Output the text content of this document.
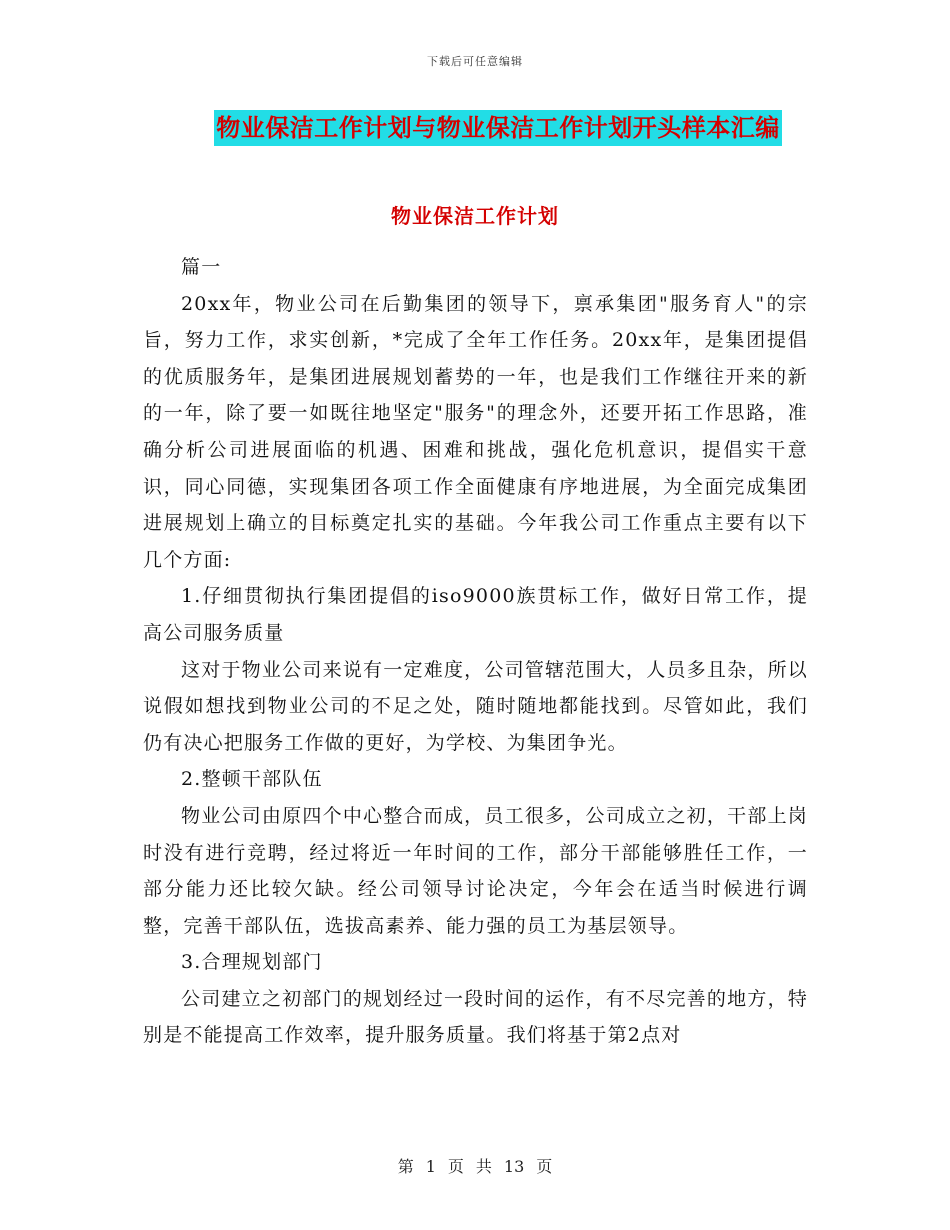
下载后可任意编辑
物业保洁工作计划与物业保洁工作计划开头样本汇编
物业保洁工作计划

篇一

20xx年，物业公司在后勤集团的领导下，禀承集团"服务育人"的宗旨，努力工作，求实创新，*完成了全年工作任务。20xx年，是集团提倡的优质服务年，是集团进展规划蓄势的一年，也是我们工作继往开来的新的一年，除了要一如既往地坚定"服务"的理念外，还要开拓工作思路，准确分析公司进展面临的机遇、困难和挑战，强化危机意识，提倡实干意识，同心同德，实现集团各项工作全面健康有序地进展，为全面完成集团进展规划上确立的目标奠定扎实的基础。今年我公司工作重点主要有以下几个方面:

1.仔细贯彻执行集团提倡的iso9000族贯标工作，做好日常工作，提高公司服务质量

这对于物业公司来说有一定难度，公司管辖范围大，人员多且杂，所以说假如想找到物业公司的不足之处，随时随地都能找到。尽管如此，我们仍有决心把服务工作做的更好，为学校、为集团争光。

2.整顿干部队伍

物业公司由原四个中心整合而成，员工很多，公司成立之初，干部上岗时没有进行竞聘，经过将近一年时间的工作，部分干部能够胜任工作，一部分能力还比较欠缺。经公司领导讨论决定，今年会在适当时候进行调整，完善干部队伍，选拔高素养、能力强的员工为基层领导。

3.合理规划部门

公司建立之初部门的规划经过一段时间的运作，有不尽完善的地方，特别是不能提高工作效率，提升服务质量。我们将基于第2点对

第 1 页 共 13 页
